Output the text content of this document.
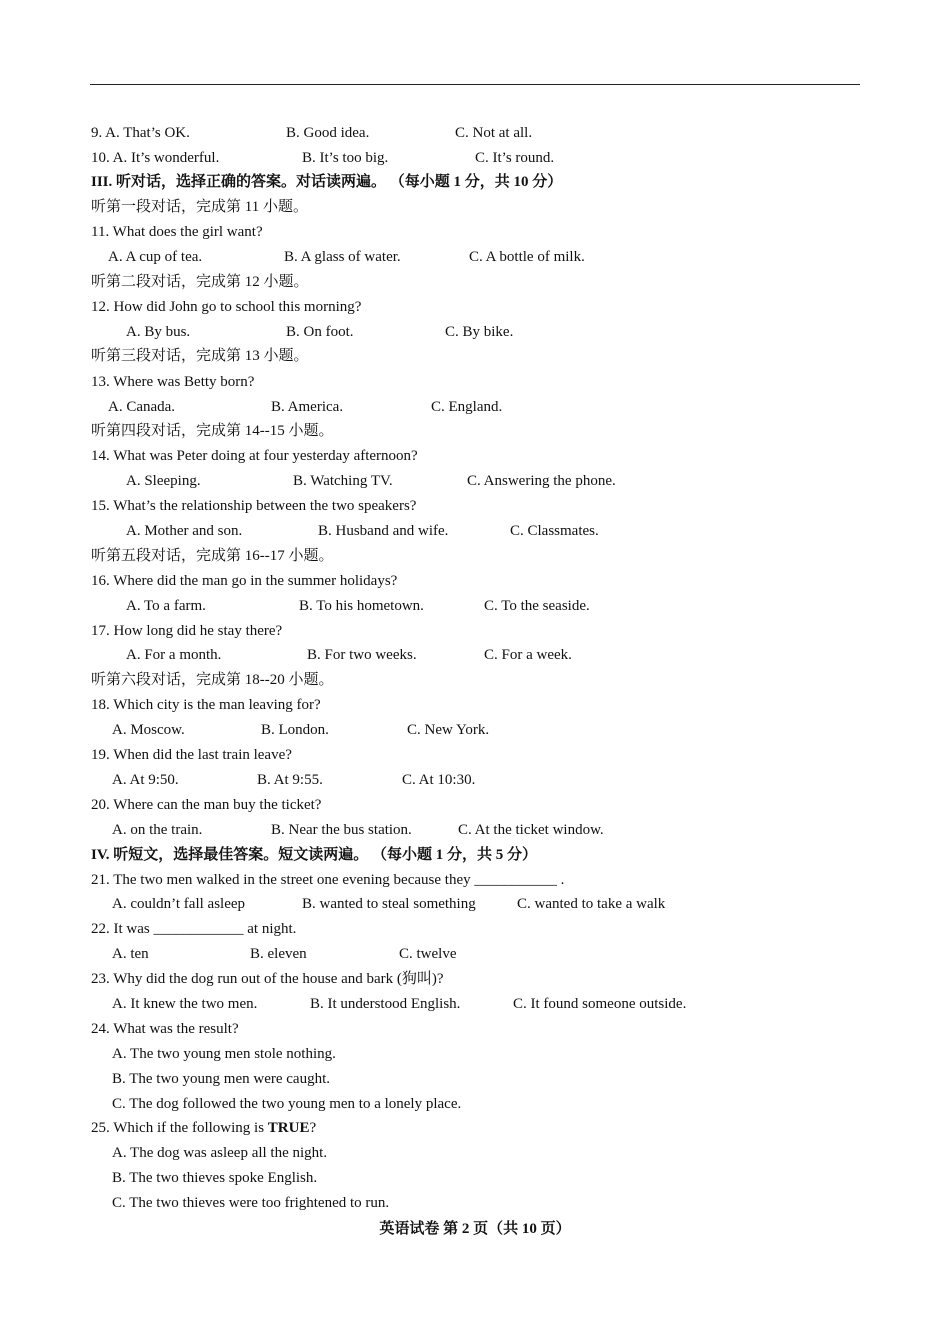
9. A. That’s OK.	B. Good idea.	C. Not at all.
10. A. It’s wonderful.	B. It’s too big.	C. It’s round.
III. 听对话，选择正确的答案。对话读两遍。 （每小题 1 分，共 10 分）
听第一段对话，完成第 11 小题。
11. What does the girl want?
A. A cup of tea.	B. A glass of water.	C. A bottle of milk.
听第二段对话，完成第 12 小题。
12. How did John go to school this morning?
A. By bus.	B. On foot.	C. By bike.
听第三段对话，完成第 13 小题。
13. Where was Betty born?
A. Canada.	B. America.	C. England.
听第四段对话，完成第 14--15 小题。
14. What was Peter doing at four yesterday afternoon?
A. Sleeping.	B. Watching TV.	C. Answering the phone.
15. What’s the relationship between the two speakers?
A. Mother and son.	B. Husband and wife.	C. Classmates.
听第五段对话，完成第 16--17 小题。
16. Where did the man go in the summer holidays?
A. To a farm.	B. To his hometown.	C. To the seaside.
17. How long did he stay there?
A. For a month.	B. For two weeks.	C. For a week.
听第六段对话，完成第 18--20 小题。
18. Which city is the man leaving for?
A. Moscow.	B. London.	C. New York.
19. When did the last train leave?
A. At 9:50.	B. At 9:55.	C. At 10:30.
20. Where can the man buy the ticket?
A. on the train.	B. Near the bus station.	C. At the ticket window.
IV. 听短文，选择最佳答案。短文读两遍。 （每小题 1 分，共 5 分）
21. The two men walked in the street one evening because they ___________ .
A. couldn’t fall asleep	B. wanted to steal something	C. wanted to take a walk
22. It was ____________ at night.
A. ten	B. eleven	C. twelve
23. Why did the dog run out of the house and bark (狗叫)?
A. It knew the two men.	B. It understood English.	C. It found someone outside.
24. What was the result?
A. The two young men stole nothing.
B. The two young men were caught.
C. The dog followed the two young men to a lonely place.
25. Which if the following is TRUE?
A. The dog was asleep all the night.
B. The two thieves spoke English.
C. The two thieves were too frightened to run.
英语试卷 第 2 页（共 10 页）
